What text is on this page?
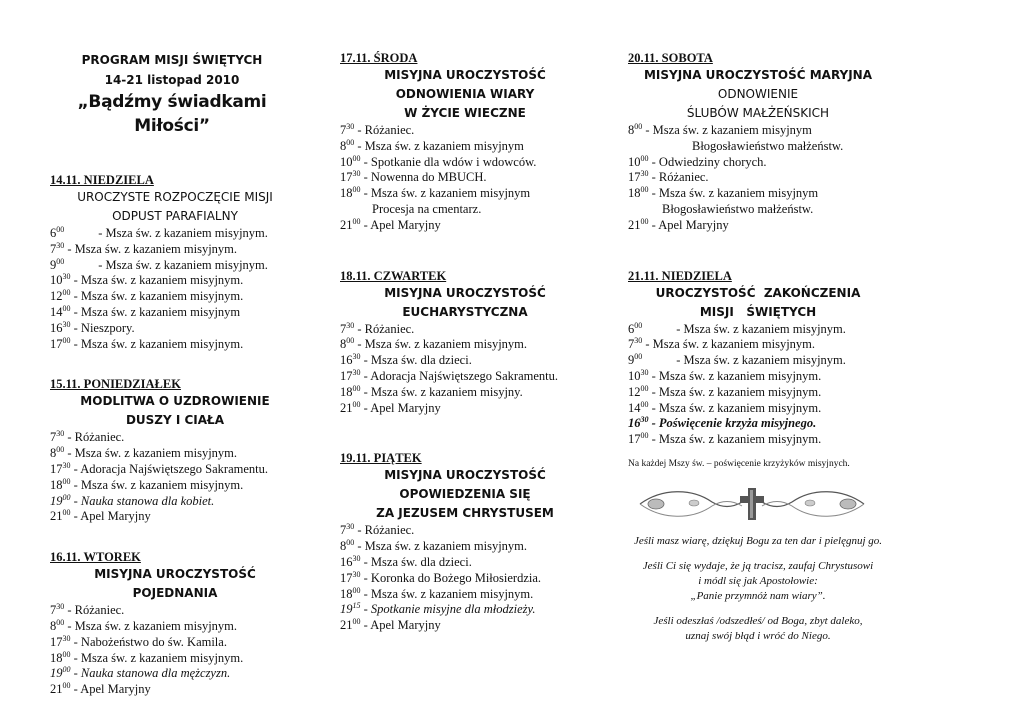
PROGRAM MISJI ŚWIĘTYCH
14-21 listopad 2010
„Bądźmy świadkami Miłości”
14.11. NIEDZIELA
UROCZYSTE ROZPOCZĘCIE MISJI
ODPUST PARAFIALNY
$6^{00}$	- Msza św. z kazaniem misyjnym.
$7^{30}$ - Msza św. z kazaniem misyjnym.
$9^{00}$	- Msza św. z kazaniem misyjnym.
$10^{30}$ - Msza św. z kazaniem misyjnym.
$12^{00}$ - Msza św. z kazaniem misyjnym.
$14^{00}$ - Msza św. z kazaniem misyjnym
$16^{30}$ - Nieszpory.
$17^{00}$ - Msza św. z kazaniem misyjnym.
15.11. PONIEDZIAŁEK
MODLITWA O UZDROWIENIE
DUSZY I CIAŁA
$7^{30}$ - Różaniec.
$8^{00}$ - Msza św. z kazaniem misyjnym.
$17^{30}$ - Adoracja Najświętszego Sakramentu.
$18^{00}$ - Msza św. z kazaniem misyjnym.
$19^{00}$ - Nauka stanowa dla kobiet.
$21^{00}$ - Apel Maryjny
16.11. WTOREK
MISYJNA UROCZYSTOŚĆ
POJEDNANIA
$7^{30}$ - Różaniec.
$8^{00}$ - Msza św. z kazaniem misyjnym.
$17^{30}$ - Nabożeństwo do św. Kamila.
$18^{00}$ - Msza św. z kazaniem misyjnym.
$19^{00}$ - Nauka stanowa dla mężczyzn.
$21^{00}$ - Apel Maryjny
17.11. ŚRODA
MISYJNA UROCZYSTOŚĆ
ODNOWIENIA WIARY
W ŻYCIE WIECZNE
$7^{30}$ - Różaniec.
$8^{00}$ - Msza św. z kazaniem misyjnym
$10^{00}$ - Spotkanie dla wdów i wdowców.
$17^{30}$ - Nowenna do MBUCH.
$18^{00}$ - Msza św. z kazaniem misyjnym
Procesja na cmentarz.
$21^{00}$ - Apel Maryjny
18.11. CZWARTEK
MISYJNA UROCZYSTOŚĆ
EUCHARYSTYCZNA
$7^{30}$ - Różaniec.
$8^{00}$ - Msza św. z kazaniem misyjnym.
$16^{30}$ - Msza św. dla dzieci.
$17^{30}$ - Adoracja Najświętszego Sakramentu.
$18^{00}$ - Msza św. z kazaniem misyjny.
$21^{00}$ - Apel Maryjny
19.11. PIĄTEK
MISYJNA UROCZYSTOŚĆ
OPOWIEDZENIA SIĘ
ZA JEZUSEM CHRYSTUSEM
$7^{30}$ - Różaniec.
$8^{00}$ - Msza św. z kazaniem misyjnym.
$16^{30}$ - Msza św. dla dzieci.
$17^{30}$ - Koronka do Bożego Miłosierdzia.
$18^{00}$ - Msza św. z kazaniem misyjnym.
$19^{15}$ - Spotkanie misyjne dla młodzieży.
$21^{00}$ - Apel Maryjny
20.11. SOBOTA
MISYJNA UROCZYSTOŚĆ MARYJNA
ODNOWIENIE
ŚLUBÓW MAŁŻEŃSKICH
$8^{00}$ - Msza św. z kazaniem misyjnym
Błogosławieństwo małżeństw.
$10^{00}$ - Odwiedziny chorych.
$17^{30}$ - Różaniec.
$18^{00}$ - Msza św. z kazaniem misyjnym
Błogosławieństwo małżeństw.
$21^{00}$ - Apel Maryjny
21.11. NIEDZIELA
UROCZYSTOŚĆ  ZAKOŃCZENIA
MISJI   ŚWIĘTYCH
$6^{00}$	- Msza św. z kazaniem misyjnym.
$7^{30}$ - Msza św. z kazaniem misyjnym.
$9^{00}$	- Msza św. z kazaniem misyjnym.
$10^{30}$ - Msza św. z kazaniem misyjnym.
$12^{00}$ - Msza św. z kazaniem misyjnym.
$14^{00}$ - Msza św. z kazaniem misyjnym.
$16^{30}$ - Poświęcenie krzyża misyjnego.
$17^{00}$ - Msza św. z kazaniem misyjnym.
Na każdej Mszy św. – poświęcenie krzyżyków misyjnych.
Jeśli masz wiarę, dziękuj Bogu za ten dar i pielęgnuj go.
Jeśli Ci się wydaje, że ją tracisz, zaufaj Chrystusowi
i módl się jak Apostołowie:
„Panie przymnóż nam wiary”.
Jeśli odeszłaś /odszedłeś/ od Boga, zbyt daleko,
uznaj swój błąd i wróć do Niego.
